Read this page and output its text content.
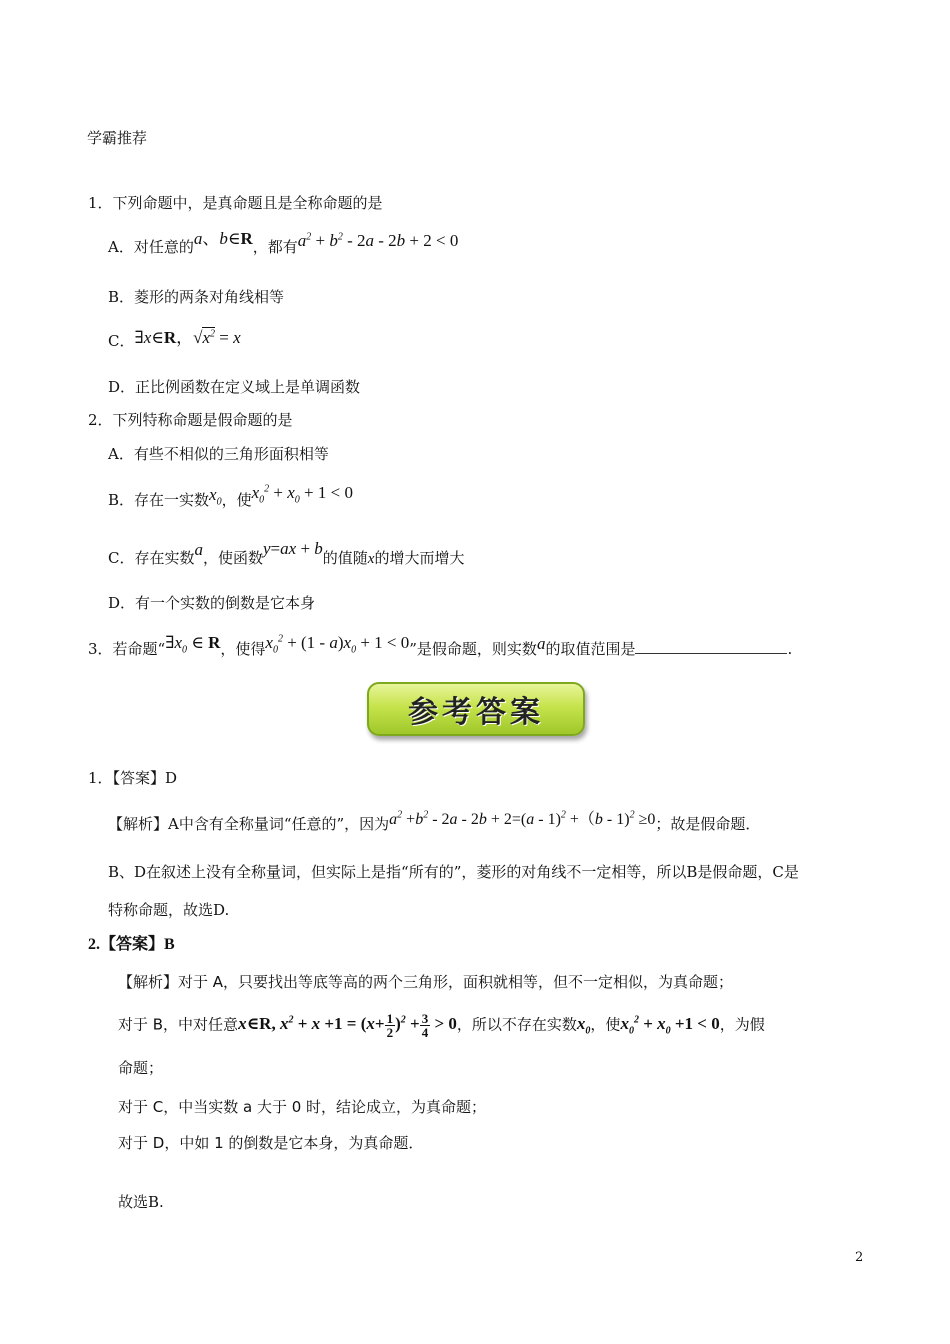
学霸推荐
1．下列命题中，是真命题且是全称命题的是
A．对任意的a、b∈R，都有$a^2 + b^2 - 2a - 2b + 2 < 0$
B．菱形的两条对角线相等
C．∃x∈R，$√x^2 = x$
D．正比例函数在定义域上是单调函数
2．下列特称命题是假命题的是
A．有些不相似的三角形面积相等
B．存在一实数$x_0$，使$x_0^2 + x_0 + 1 < 0$
C．存在实数a，使函数y=ax + b的值随x的增大而增大
D．有一个实数的倒数是它本身
3．若命题“$\exists x_0$ ∈ R，使得$x_0^2 + (1 - a)x_0 + 1 < 0$”是假命题，则实数a的取值范围是	.
参考答案
1．【答案】D
【解析】A中含有全称量词“任意的”，因为$a^2 +b^2 - 2a - 2b + 2=(a - 1)^2 +(b - 1)^2 \ge 0$；故是假命题．
B、D在叙述上没有全称量词，但实际上是指“所有的”，菱形的对角线不一定相等，所以B是假命题，C是
特称命题，故选D.
2.【答案】B
【解析】对于 A，只要找出等底等高的两个三角形，面积就相等，但不一定相似，为真命题；
对于 B，中对任意x∈R, $x^2 + x +1 = (x+ \frac{1}{2} )^2 + \frac{3}{4} > 0$，所以不存在实数$x_0$，使$x_0^2 + x_0 +1 < 0$，为假
命题；
对于 C，中当实数 a 大于 0 时，结论成立，为真命题；
对于 D，中如 1 的倒数是它本身，为真命题．
故选B.
2
